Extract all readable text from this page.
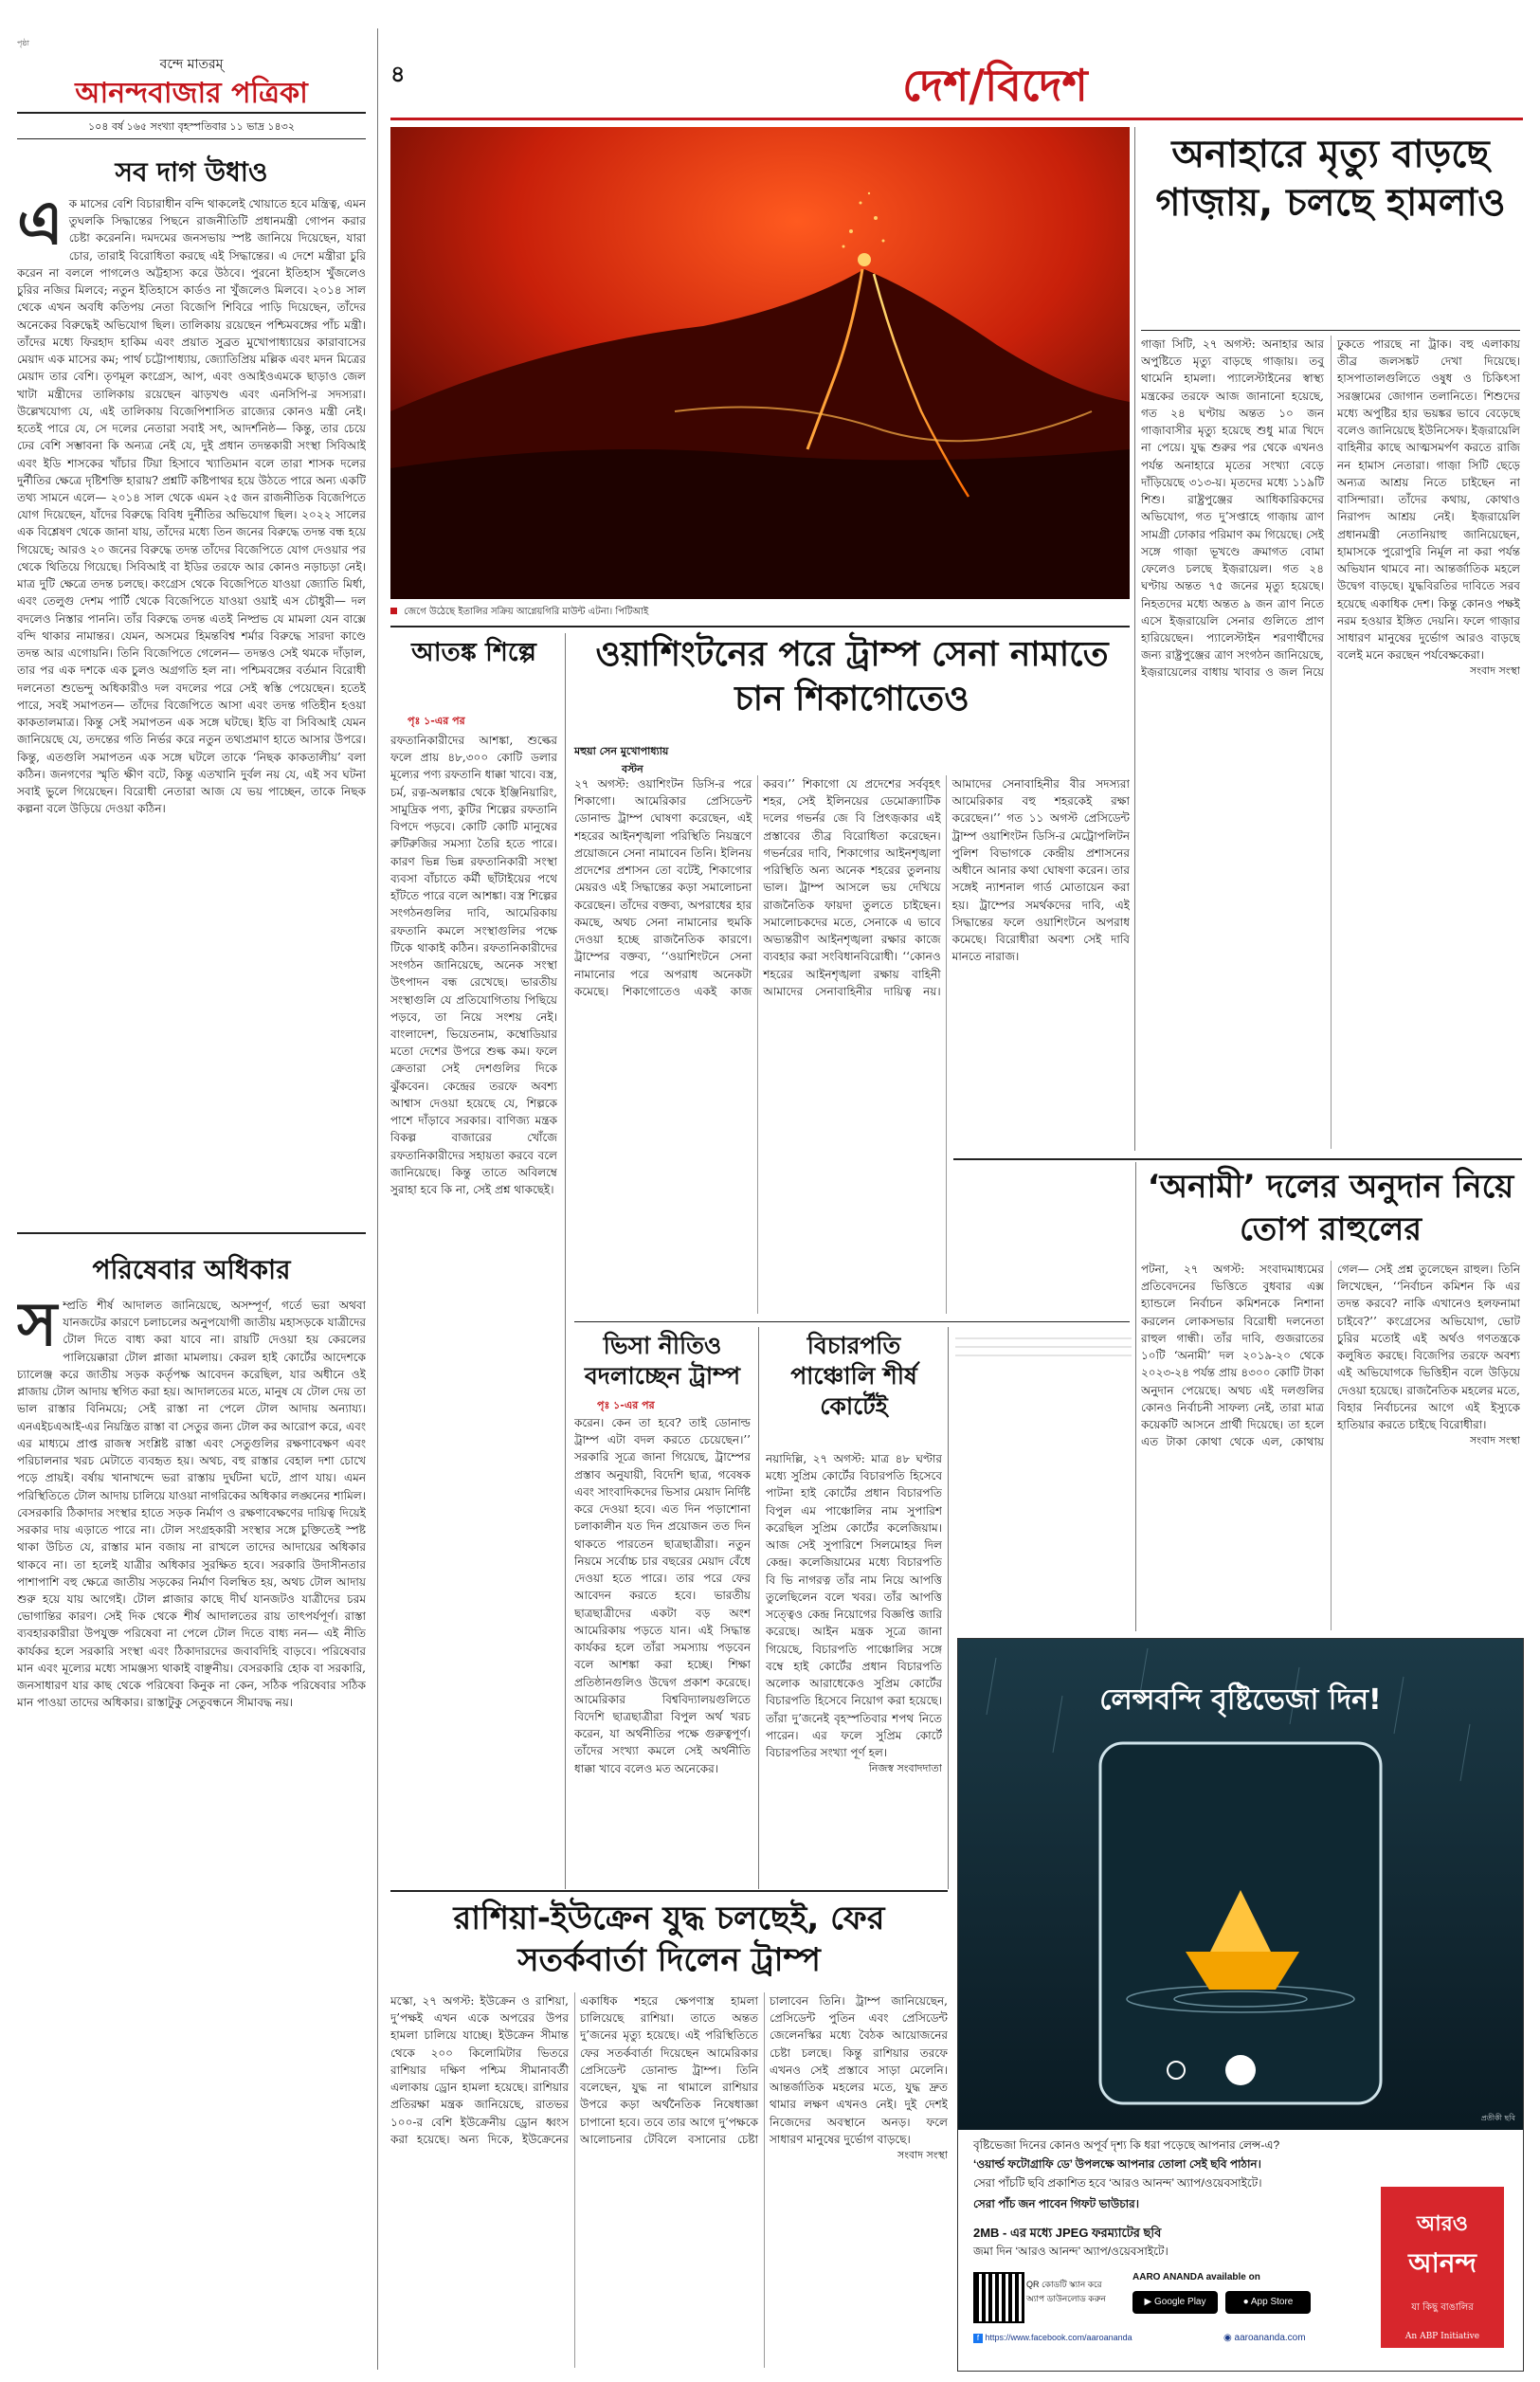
পৃষ্ঠা
বন্দে মাতরম্
আনন্দবাজার পত্রিকা
১০৪ বর্ষ ১৬৫ সংখ্যা বৃহস্পতিবার ১১ ভাদ্র ১৪৩২
সব দাগ উধাও
এ ক মাসের বেশি বিচারাধীন বন্দি থাকলেই খোয়াতে হবে মন্ত্রিত্ব, এমন তুঘলকি সিদ্ধান্তের পিছনে রাজনীতিটি প্রধানমন্ত্রী গোপন করার চেষ্টা করেননি। দমদমের জনসভায় স্পষ্ট জানিয়ে দিয়েছেন, যারা চোর, তারাই বিরোধিতা করছে এই সিদ্ধান্তের। এ দেশে মন্ত্রীরা চুরি করেন না বললে পাগলেও অট্টহাস্য করে উঠবে। পুরনো ইতিহাস খুঁজলেও চুরির নজির মিলবে; নতুন ইতিহাসে কার্ডও না খুঁজলেও মিলবে। ২০১৪ সাল থেকে এখন অবধি কতিপয় নেতা বিজেপি শিবিরে পাড়ি দিয়েছেন, তাঁদের অনেকের বিরুদ্ধেই অভিযোগ ছিল। তালিকায় রয়েছেন পশ্চিমবঙ্গের পাঁচ মন্ত্রী। তাঁদের মধ্যে ফিরহাদ হাকিম এবং প্রয়াত সুব্রত মুখোপাধ্যায়ের কারাবাসের মেয়াদ এক মাসের কম; পার্থ চট্টোপাধ্যায়, জ্যোতিপ্রিয় মল্লিক এবং মদন মিত্রের মেয়াদ তার বেশি। তৃণমূল কংগ্রেস, আপ, এবং ওআইওএমকে ছাড়াও জেল খাটা মন্ত্রীদের তালিকায় রয়েছেন ঝাড়খণ্ড এবং এনসিপি-র সদস্যরা। উল্লেখযোগ্য যে, এই তালিকায় বিজেপিশাসিত রাজ্যের কোনও মন্ত্রী নেই। হতেই পারে যে, সে দলের নেতারা সবাই সৎ, আদর্শনিষ্ঠ— কিন্তু, তার চেয়ে ঢের বেশি সম্ভাবনা কি অন্যত্র নেই যে, দুই প্রধান তদন্তকারী সংস্থা সিবিআই এবং ইডি শাসকের খাঁচার টিয়া হিসাবে খ্যাতিমান বলে তারা শাসক দলের দুর্নীতির ক্ষেত্রে দৃষ্টিশক্তি হারায়? প্রশ্নটি কষ্টিপাথর হয়ে উঠতে পারে অন্য একটি তথ্য সামনে এলে— ২০১৪ সাল থেকে এমন ২৫ জন রাজনীতিক বিজেপিতে যোগ দিয়েছেন, যাঁদের বিরুদ্ধে বিবিধ দুর্নীতির অভিযোগ ছিল। ২০২২ সালের এক বিশ্লেষণ থেকে জানা যায়, তাঁদের মধ্যে তিন জনের বিরুদ্ধে তদন্ত বন্ধ হয়ে গিয়েছে; আরও ২০ জনের বিরুদ্ধে তদন্ত তাঁদের বিজেপিতে যোগ দেওয়ার পর থেকে থিতিয়ে গিয়েছে। সিবিআই বা ইডির তরফে আর কোনও নড়াচড়া নেই। মাত্র দুটি ক্ষেত্রে তদন্ত চলছে। কংগ্রেস থেকে বিজেপিতে যাওয়া জ্যোতি মির্ধা, এবং তেলুগু দেশম পার্টি থেকে বিজেপিতে যাওয়া ওয়াই এস চৌধুরী— দল বদলেও নিস্তার পাননি। তাঁর বিরুদ্ধে তদন্ত এতই নিষ্প্রভ যে মামলা যেন বাক্সে বন্দি থাকার নামান্তর। যেমন, অসমের হিমন্তবিশ্ব শর্মার বিরুদ্ধে সারদা কাণ্ডে তদন্ত আর এগোয়নি। তিনি বিজেপিতে গেলেন— তদন্তও সেই থমকে দাঁড়াল, তার পর এক দশকে এক চুলও অগ্রগতি হল না। পশ্চিমবঙ্গের বর্তমান বিরোধী দলনেতা শুভেন্দু অধিকারীও দল বদলের পরে সেই স্বস্তি পেয়েছেন। হতেই পারে, সবই সমাপতন— তাঁদের বিজেপিতে আসা এবং তদন্ত গতিহীন হওয়া কাকতালমাত্র। কিন্তু সেই সমাপতন এক সঙ্গে ঘটছে। ইডি বা সিবিআই যেমন জানিয়েছে যে, তদন্তের গতি নির্ভর করে নতুন তথ্যপ্রমাণ হাতে আসার উপরে। কিন্তু, এতগুলি সমাপতন এক সঙ্গে ঘটলে তাকে ‘নিছক কাকতালীয়’ বলা কঠিন। জনগণের স্মৃতি ক্ষীণ বটে, কিন্তু এতখানি দুর্বল নয় যে, এই সব ঘটনা সবাই ভুলে গিয়েছেন। বিরোধী নেতারা আজ যে ভয় পাচ্ছেন, তাকে নিছক কল্পনা বলে উড়িয়ে দেওয়া কঠিন।
পরিষেবার অধিকার
স ম্প্রতি শীর্ষ আদালত জানিয়েছে, অসম্পূর্ণ, গর্তে ভরা অথবা যানজটের কারণে চলাচলের অনুপযোগী জাতীয় মহাসড়কে যাত্রীদের টোল দিতে বাধ্য করা যাবে না। রায়টি দেওয়া হয় কেরলের পালিয়েক্কারা টোল প্লাজা মামলায়। কেরল হাই কোর্টের আদেশকে চ্যালেঞ্জ করে জাতীয় সড়ক কর্তৃপক্ষ আবেদন করেছিল, যার অধীনে ওই প্লাজায় টোল আদায় স্থগিত করা হয়। আদালতের মতে, মানুষ যে টোল দেয় তা ভাল রাস্তার বিনিময়ে; সেই রাস্তা না পেলে টোল আদায় অন্যায্য। এনএইচএআই-এর নিয়ন্ত্রিত রাস্তা বা সেতুর জন্য টোল কর আরোপ করে, এবং এর মাধ্যমে প্রাপ্ত রাজস্ব সংশ্লিষ্ট রাস্তা এবং সেতুগুলির রক্ষণাবেক্ষণ এবং পরিচালনার খরচ মেটাতে ব্যবহৃত হয়। অথচ, বহু রাস্তার বেহাল দশা চোখে পড়ে প্রায়ই। বর্ষায় খানাখন্দে ভরা রাস্তায় দুর্ঘটনা ঘটে, প্রাণ যায়। এমন পরিস্থিতিতে টোল আদায় চালিয়ে যাওয়া নাগরিকের অধিকার লঙ্ঘনের শামিল। বেসরকারি ঠিকাদার সংস্থার হাতে সড়ক নির্মাণ ও রক্ষণাবেক্ষণের দায়িত্ব দিয়েই সরকার দায় এড়াতে পারে না। টোল সংগ্রহকারী সংস্থার সঙ্গে চুক্তিতেই স্পষ্ট থাকা উচিত যে, রাস্তার মান বজায় না রাখলে তাদের আদায়ের অধিকার থাকবে না। তা হলেই যাত্রীর অধিকার সুরক্ষিত হবে। সরকারি উদাসীনতার পাশাপাশি বহু ক্ষেত্রে জাতীয় সড়কের নির্মাণ বিলম্বিত হয়, অথচ টোল আদায় শুরু হয়ে যায় আগেই। টোল প্লাজার কাছে দীর্ঘ যানজটও যাত্রীদের চরম ভোগান্তির কারণ। সেই দিক থেকে শীর্ষ আদালতের রায় তাৎপর্যপূর্ণ। রাস্তা ব্যবহারকারীরা উপযুক্ত পরিষেবা না পেলে টোল দিতে বাধ্য নন— এই নীতি কার্যকর হলে সরকারি সংস্থা এবং ঠিকাদারদের জবাবদিহি বাড়বে। পরিষেবার মান এবং মূল্যের মধ্যে সামঞ্জস্য থাকাই বাঞ্ছনীয়। বেসরকারি হোক বা সরকারি, জনসাধারণ যার কাছ থেকে পরিষেবা কিনুক না কেন, সঠিক পরিষেবার সঠিক মান পাওয়া তাদের অধিকার। রাস্তাটুকু সেতুবন্ধনে সীমাবদ্ধ নয়।
৪	দেশ/বিদেশ
জেগে উঠেছে ইতালির সক্রিয় আগ্নেয়গিরি মাউন্ট এটনা। পিটিআই
অনাহারে মৃত্যু বাড়ছে গাজ়ায়, চলছে হামলাও
গাজ়া সিটি, ২৭ অগস্ট: অনাহার আর অপুষ্টিতে মৃত্যু বাড়ছে গাজ়ায়। তবু থামেনি হামলা। প্যালেস্টাইনের স্বাস্থ্য মন্ত্রকের তরফে আজ জানানো হয়েছে, গত ২৪ ঘণ্টায় অন্তত ১০ জন গাজ়াবাসীর মৃত্যু হয়েছে শুধু মাত্র খিদে না পেয়ে। যুদ্ধ শুরুর পর থেকে এখনও পর্যন্ত অনাহারে মৃতের সংখ্যা বেড়ে দাঁড়িয়েছে ৩১৩-য়। মৃতদের মধ্যে ১১৯টি শিশু। রাষ্ট্রপুঞ্জের আধিকারিকদের অভিযোগ, গত দু’সপ্তাহে গাজ়ায় ত্রাণ সামগ্রী ঢোকার পরিমাণ কম গিয়েছে। সেই সঙ্গে গাজ়া ভূখণ্ডে ক্রমাগত বোমা ফেলেও চলছে ইজ়রায়েল। গত ২৪ ঘণ্টায় অন্তত ৭৫ জনের মৃত্যু হয়েছে। নিহতদের মধ্যে অন্তত ৯ জন ত্রাণ নিতে এসে ইজ়রায়েলি সেনার গুলিতে প্রাণ হারিয়েছেন। প্যালেস্টাইন শরণার্থীদের জন্য রাষ্ট্রপুঞ্জের ত্রাণ সংগঠন জানিয়েছে, ইজ়রায়েলের বাধায় খাবার ও জল নিয়ে ঢুকতে পারছে না ট্রাক। বহু এলাকায় তীব্র জলসঙ্কট দেখা দিয়েছে। হাসপাতালগুলিতে ওষুধ ও চিকিৎসা সরঞ্জামের জোগান তলানিতে। শিশুদের মধ্যে অপুষ্টির হার ভয়ঙ্কর ভাবে বেড়েছে বলেও জানিয়েছে ইউনিসেফ। ইজ়রায়েলি বাহিনীর কাছে আত্মসমর্পণ করতে রাজি নন হামাস নেতারা। গাজ়া সিটি ছেড়ে অন্যত্র আশ্রয় নিতে চাইছেন না বাসিন্দারা। তাঁদের কথায়, কোথাও নিরাপদ আশ্রয় নেই। ইজ়রায়েলি প্রধানমন্ত্রী নেতানিয়াহু জানিয়েছেন, হামাসকে পুরোপুরি নির্মূল না করা পর্যন্ত অভিযান থামবে না। আন্তর্জাতিক মহলে উদ্বেগ বাড়ছে। যুদ্ধবিরতির দাবিতে সরব হয়েছে একাধিক দেশ। কিন্তু কোনও পক্ষই নরম হওয়ার ইঙ্গিত দেয়নি। ফলে গাজ়ার সাধারণ মানুষের দুর্ভোগ আরও বাড়ছে বলেই মনে করছেন পর্যবেক্ষকেরা।
সংবাদ সংস্থা
আতঙ্ক শিল্পে
পৃঃ ১-এর পর
রফতানিকারীদের আশঙ্কা, শুল্কের ফলে প্রায় ৪৮,৩০০ কোটি ডলার মূল্যের পণ্য রফতানি ধাক্কা খাবে। বস্ত্র, চর্ম, রত্ন-অলঙ্কার থেকে ইঞ্জিনিয়ারিং, সামুদ্রিক পণ্য, কুটির শিল্পের রফতানি বিপদে পড়বে। কোটি কোটি মানুষের রুটিরুজির সমস্যা তৈরি হতে পারে। কারণ ভিন্ন ভিন্ন রফতানিকারী সংস্থা ব্যবসা বাঁচাতে কর্মী ছাঁটাইয়ের পথে হাঁটতে পারে বলে আশঙ্কা। বস্ত্র শিল্পের সংগঠনগুলির দাবি, আমেরিকায় রফতানি কমলে সংস্থাগুলির পক্ষে টিকে থাকাই কঠিন। রফতানিকারীদের সংগঠন জানিয়েছে, অনেক সংস্থা উৎপাদন বন্ধ রেখেছে। ভারতীয় সংস্থাগুলি যে প্রতিযোগিতায় পিছিয়ে পড়বে, তা নিয়ে সংশয় নেই। বাংলাদেশ, ভিয়েতনাম, কম্বোডিয়ার মতো দেশের উপরে শুল্ক কম। ফলে ক্রেতারা সেই দেশগুলির দিকে ঝুঁকবেন। কেন্দ্রের তরফে অবশ্য আশ্বাস দেওয়া হয়েছে যে, শিল্পকে পাশে দাঁড়াবে সরকার। বাণিজ্য মন্ত্রক বিকল্প বাজারের খোঁজে রফতানিকারীদের সহায়তা করবে বলে জানিয়েছে। কিন্তু তাতে অবিলম্বে সুরাহা হবে কি না, সেই প্রশ্ন থাকছেই।
ওয়াশিংটনের পরে ট্রাম্প সেনা নামাতে চান শিকাগোতেও
মহুয়া সেন মুখোপাধ্যায়
বস্টন
২৭ অগস্ট: ওয়াশিংটন ডিসি-র পরে শিকাগো। আমেরিকার প্রেসিডেন্ট ডোনাল্ড ট্রাম্প ঘোষণা করেছেন, এই শহরের আইনশৃঙ্খলা পরিস্থিতি নিয়ন্ত্রণে প্রয়োজনে সেনা নামাবেন তিনি। ইলিনয় প্রদেশের প্রশাসন তো বটেই, শিকাগোর মেয়রও এই সিদ্ধান্তের কড়া সমালোচনা করেছেন। তাঁদের বক্তব্য, অপরাধের হার কমছে, অথচ সেনা নামানোর হুমকি দেওয়া হচ্ছে রাজনৈতিক কারণে। ট্রাম্পের বক্তব্য, ‘‘ওয়াশিংটনে সেনা নামানোর পরে অপরাধ অনেকটা কমেছে। শিকাগোতেও একই কাজ করব।’’ শিকাগো যে প্রদেশের সর্ববৃহৎ শহর, সেই ইলিনয়ের ডেমোক্র্যাটিক দলের গভর্নর জে বি প্রিৎজ়কার এই প্রস্তাবের তীব্র বিরোধিতা করেছেন। গভর্নরের দাবি, শিকাগোর আইনশৃঙ্খলা পরিস্থিতি অন্য অনেক শহরের তুলনায় ভাল। ট্রাম্প আসলে ভয় দেখিয়ে রাজনৈতিক ফায়দা তুলতে চাইছেন। সমালোচকদের মতে, সেনাকে এ ভাবে অভ্যন্তরীণ আইনশৃঙ্খলা রক্ষার কাজে ব্যবহার করা সংবিধানবিরোধী। ‘‘কোনও শহরের আইনশৃঙ্খলা রক্ষায় বাহিনী আমাদের সেনাবাহিনীর দায়িত্ব নয়। আমাদের সেনাবাহিনীর বীর সদস্যরা আমেরিকার বহু শহরকেই রক্ষা করেছেন।’’ গত ১১ অগস্ট প্রেসিডেন্ট ট্রাম্প ওয়াশিংটন ডিসি-র মেট্রোপলিটন পুলিশ বিভাগকে কেন্দ্রীয় প্রশাসনের অধীনে আনার কথা ঘোষণা করেন। তার সঙ্গেই ন্যাশনাল গার্ড মোতায়েন করা হয়। ট্রাম্পের সমর্থকদের দাবি, এই সিদ্ধান্তের ফলে ওয়াশিংটনে অপরাধ কমেছে। বিরোধীরা অবশ্য সেই দাবি মানতে নারাজ।
ভিসা নীতিও বদলাচ্ছেন ট্রাম্প
পৃঃ ১-এর পর
করেন। কেন তা হবে? তাই ডোনাল্ড ট্রাম্প এটা বদল করতে চেয়েছেন।’’ সরকারি সূত্রে জানা গিয়েছে, ট্রাম্পের প্রস্তাব অনুযায়ী, বিদেশি ছাত্র, গবেষক এবং সাংবাদিকদের ভিসার মেয়াদ নির্দিষ্ট করে দেওয়া হবে। এত দিন পড়াশোনা চলাকালীন যত দিন প্রয়োজন তত দিন থাকতে পারতেন ছাত্রছাত্রীরা। নতুন নিয়মে সর্বোচ্চ চার বছরের মেয়াদ বেঁধে দেওয়া হতে পারে। তার পরে ফের আবেদন করতে হবে। ভারতীয় ছাত্রছাত্রীদের একটা বড় অংশ আমেরিকায় পড়তে যান। এই সিদ্ধান্ত কার্যকর হলে তাঁরা সমস্যায় পড়বেন বলে আশঙ্কা করা হচ্ছে। শিক্ষা প্রতিষ্ঠানগুলিও উদ্বেগ প্রকাশ করেছে। আমেরিকার বিশ্ববিদ্যালয়গুলিতে বিদেশি ছাত্রছাত্রীরা বিপুল অর্থ খরচ করেন, যা অর্থনীতির পক্ষে গুরুত্বপূর্ণ। তাঁদের সংখ্যা কমলে সেই অর্থনীতি ধাক্কা খাবে বলেও মত অনেকের।
বিচারপতি পাঞ্চোলি শীর্ষ কোর্টেই
নয়াদিল্লি, ২৭ অগস্ট: মাত্র ৪৮ ঘণ্টার মধ্যে সুপ্রিম কোর্টের বিচারপতি হিসেবে পাটনা হাই কোর্টের প্রধান বিচারপতি বিপুল এম পাঞ্চোলির নাম সুপারিশ করেছিল সুপ্রিম কোর্টের কলেজিয়াম। আজ সেই সুপারিশে সিলমোহর দিল কেন্দ্র। কলেজিয়ামের মধ্যে বিচারপতি বি ভি নাগরত্ন তাঁর নাম নিয়ে আপত্তি তুলেছিলেন বলে খবর। তাঁর আপত্তি সত্ত্বেও কেন্দ্র নিয়োগের বিজ্ঞপ্তি জারি করেছে। আইন মন্ত্রক সূত্রে জানা গিয়েছে, বিচারপতি পাঞ্চোলির সঙ্গে বম্বে হাই কোর্টের প্রধান বিচারপতি অলোক আরাধেকেও সুপ্রিম কোর্টের বিচারপতি হিসেবে নিয়োগ করা হয়েছে। তাঁরা দু’জনেই বৃহস্পতিবার শপথ নিতে পারেন। এর ফলে সুপ্রিম কোর্টে বিচারপতির সংখ্যা পূর্ণ হল।
নিজস্ব সংবাদদাতা
‘অনামী’ দলের অনুদান নিয়ে তোপ রাহুলের
পটনা, ২৭ অগস্ট: সংবাদমাধ্যমের প্রতিবেদনের ভিত্তিতে বুধবার এক্স হ্যান্ডলে নির্বাচন কমিশনকে নিশানা করলেন লোকসভার বিরোধী দলনেতা রাহুল গান্ধী। তাঁর দাবি, গুজরাতের ১০টি ‘অনামী’ দল ২০১৯-২০ থেকে ২০২৩-২৪ পর্যন্ত প্রায় ৪৩০০ কোটি টাকা অনুদান পেয়েছে। অথচ এই দলগুলির কোনও নির্বাচনী সাফল্য নেই, তারা মাত্র কয়েকটি আসনে প্রার্থী দিয়েছে। তা হলে এত টাকা কোথা থেকে এল, কোথায় গেল— সেই প্রশ্ন তুলেছেন রাহুল। তিনি লিখেছেন, ‘‘নির্বাচন কমিশন কি এর তদন্ত করবে? নাকি এখানেও হলফনামা চাইবে?’’ কংগ্রেসের অভিযোগ, ভোট চুরির মতোই এই অর্থও গণতন্ত্রকে কলুষিত করছে। বিজেপির তরফে অবশ্য এই অভিযোগকে ভিত্তিহীন বলে উড়িয়ে দেওয়া হয়েছে। রাজনৈতিক মহলের মতে, বিহার নির্বাচনের আগে এই ইস্যুকে হাতিয়ার করতে চাইছে বিরোধীরা।
সংবাদ সংস্থা
লেন্সবন্দি বৃষ্টিভেজা দিন!
প্রতীকী ছবি
বৃষ্টিভেজা দিনের কোনও অপূর্ব দৃশ্য কি ধরা পড়েছে আপনার লেন্স-এ?
‘ওয়ার্ল্ড ফটোগ্রাফি ডে’ উপলক্ষে আপনার তোলা সেই ছবি পাঠান।
সেরা পাঁচটি ছবি প্রকাশিত হবে ‘আরও আনন্দ’ অ্যাপ/ওয়েবসাইটে।
সেরা পাঁচ জন পাবেন গিফট ভাউচার।
2MB - এর মধ্যে JPEG ফরম্যাটের ছবি
জমা দিন ‘আরও আনন্দ’ অ্যাপ/ওয়েবসাইটে।
QR কোডটি স্ক্যান করে অ্যাপ ডাউনলোড করুন
AARO ANANDA available on
▶ Google Play	● App Store
f https://www.facebook.com/aaroananda	◉ aaroananda.com
আরও
আনন্দ
যা কিছু বাঙালির
An ABP Initiative
রাশিয়া-ইউক্রেন যুদ্ধ চলছেই, ফের সতর্কবার্তা দিলেন ট্রাম্প
মস্কো, ২৭ অগস্ট: ইউক্রেন ও রাশিয়া, দু’পক্ষই এখন একে অপরের উপর হামলা চালিয়ে যাচ্ছে। ইউক্রেন সীমান্ত থেকে ২০০ কিলোমিটার ভিতরে রাশিয়ার দক্ষিণ পশ্চিম সীমানাবর্তী এলাকায় ড্রোন হামলা হয়েছে। রাশিয়ার প্রতিরক্ষা মন্ত্রক জানিয়েছে, রাতভর ১০০-র বেশি ইউক্রেনীয় ড্রোন ধ্বংস করা হয়েছে। অন্য দিকে, ইউক্রেনের একাধিক শহরে ক্ষেপণাস্ত্র হামলা চালিয়েছে রাশিয়া। তাতে অন্তত দু’জনের মৃত্যু হয়েছে। এই পরিস্থিতিতে ফের সতর্কবার্তা দিয়েছেন আমেরিকার প্রেসিডেন্ট ডোনাল্ড ট্রাম্প। তিনি বলেছেন, যুদ্ধ না থামালে রাশিয়ার উপরে কড়া অর্থনৈতিক নিষেধাজ্ঞা চাপানো হবে। তবে তার আগে দু’পক্ষকে আলোচনার টেবিলে বসানোর চেষ্টা চালাবেন তিনি। ট্রাম্প জানিয়েছেন, প্রেসিডেন্ট পুতিন এবং প্রেসিডেন্ট জেলেনস্কির মধ্যে বৈঠক আয়োজনের চেষ্টা চলছে। কিন্তু রাশিয়ার তরফে এখনও সেই প্রস্তাবে সাড়া মেলেনি। আন্তর্জাতিক মহলের মতে, যুদ্ধ দ্রুত থামার লক্ষণ এখনও নেই। দুই দেশই নিজেদের অবস্থানে অনড়। ফলে সাধারণ মানুষের দুর্ভোগ বাড়ছে।
সংবাদ সংস্থা
